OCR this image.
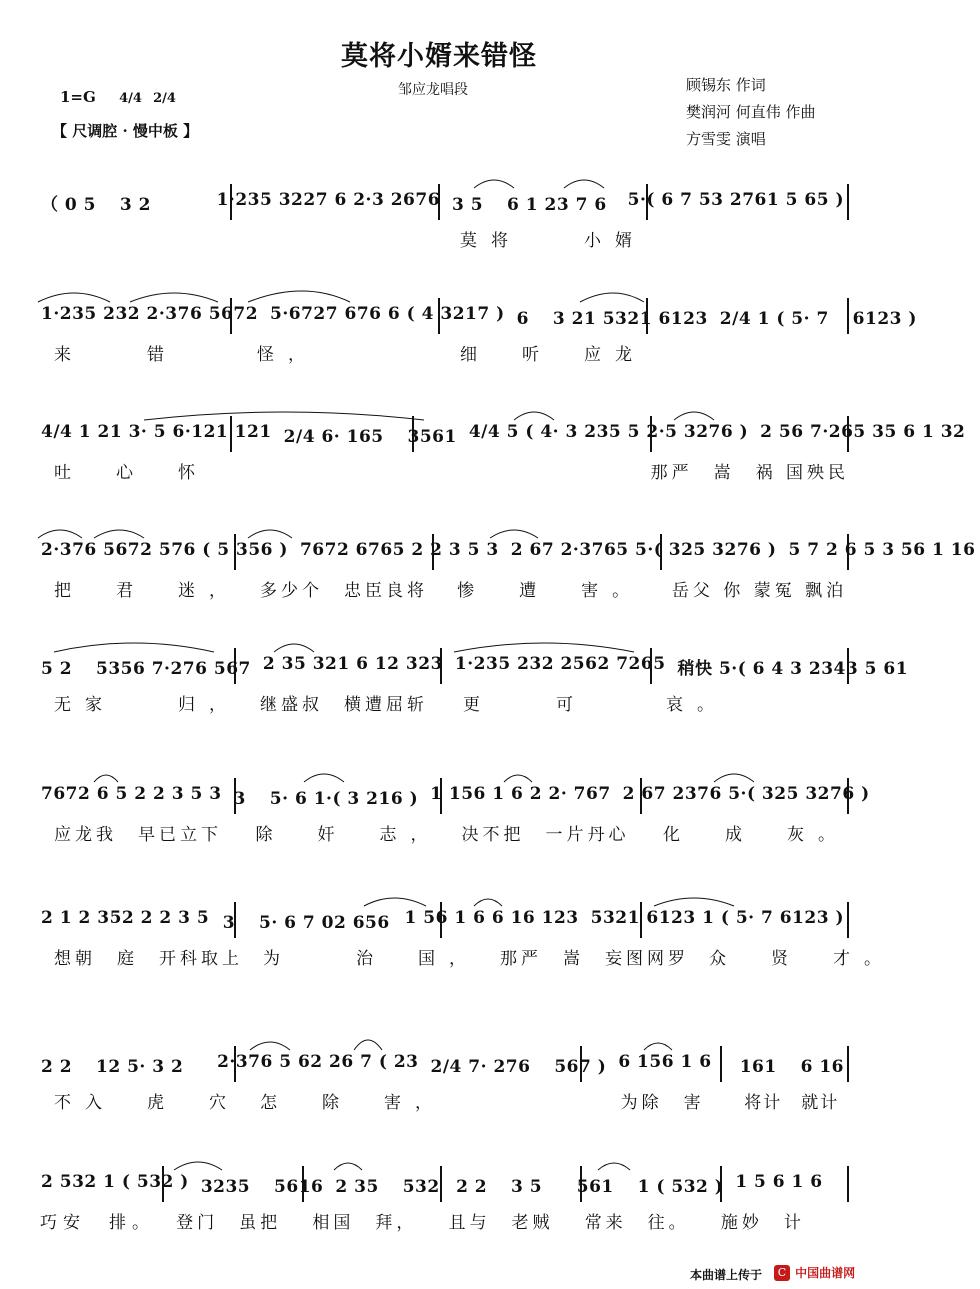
莫将小婿来错怪
1=G 4/4 2/4
【 尺调腔 · 慢中板 】
邹应龙唱段	顾锡东 作词
樊润河 何直伟 作曲
方雪雯 演唱
（ 0 5 　3 2	1·235 3227 6 2·3 2676 3 5 　6 1 23 7 6	5·( 6 7 53 2761 5 65 )
莫将　　小婿
1·235 232 2·376 5672 5·6727 676 6 ( 4 3217 ) 6 　3 21 5321 6123 2/4 1 ( 5· 7 　6123 )
来　　错	怪，	细　听　应龙
4/4 1 21 3· 5 6·121 121 2/4 6· 165 　3561 4/4 5 ( 4· 3 235 5 2·5 3276 ) 2 56 7·265 35 6 1 32
吐　心　怀	那严　嵩　祸 国殃民
2·376 5672 576 ( 5 356 ) 7672 6765 2 2 3 5 3 2 67 2·3765 5·( 325 3276 ) 5 7 2 6 5 3 56 1 16
把　君　迷，	多少个　忠臣良将	惨　遭　害。	岳父 你 蒙冤 飘泊
5 2 　5356 7·276 567 2 35 321 6 12 323 1·235 232 2562 7265 稍快 5·( 6 4 3 2343 5 61
无家　　归，	继盛叔　横遭屈斩	更　　可	哀。
7672 6 5 2 2 3 5 3 3 　5· 6 1·( 3 216 ) 1 156 1 6 2 2· 767 2 67 2376 5·( 325 3276 )
应龙我　早已立下	除　奸　志，	决不把　一片丹心	化　成　灰。
2 1 2 352 2 2 3 5 3 　5· 6 7 02 656 1 56 1 6 6 16 123 5321 6123 1 ( 5· 7 6123 )
想朝　庭　开科取上	为　　治　国，	那严　嵩　妄图网罗	众　贤　才。
2 2 　12 5· 3 2	2·376 5 62 26 7 ( 23 2/4 7· 276 　567 ) 6 156 1 6	161 　6 16
不入　虎　穴	怎　除　害，	为除　害	将计　就计
2 532 1 ( 532 ) 3235 　5616 2 35 　532 2 2 　3 5	561 　1 ( 532 ) 1 5 6 1 6
巧安　排。	登门　虽把	相国　拜，	且与　老贼	常来　往。	施妙　计
本曲谱上传于	C 中国曲谱网
